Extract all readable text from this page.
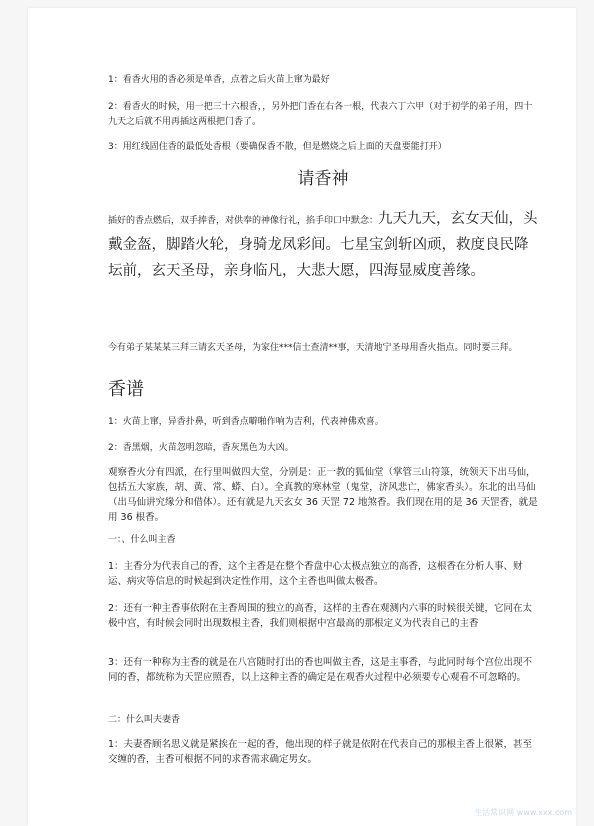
1：看香火用的香必须是单香，点着之后火苗上窜为最好

2：看香火的时候，用一把三十六根香，，另外把门香在右各一根，代表六丁六甲（对于初学的弟子用，四十九天之后就不用再插这两根把门香了。

3：用红线固住香的最低处香根（要确保香不散，但是燃烧之后上面的天盘要能打开）

请香神
插好的香点燃后，双手捧香，对供奉的神像行礼，掐手印口中默念：九天九天，玄女天仙，头戴金盔，脚踏火轮，身骑龙凤彩间。七星宝剑斩凶顽，救度良民降坛前，玄天圣母，亲身临凡，大悲大愿，四海显威度善缘。

今有弟子某某某三拜三请玄天圣母，为家住***信士查清**事，天清地宁圣母用香火指点。同时要三拜。

香谱

1：火苗上窜，异香扑鼻，听到香点噼啪作响为吉利，代表神佛欢喜。

2：香黑烟，火苗忽明忽暗，香灰黑色为大凶。

观察香火分有四派，在行里叫做四大堂，分别是：正一教的狐仙堂（掌管三山符箓，统领天下出马仙，包括五大家族，胡、黄、常、蟒、白）。全真教的寒林堂（鬼堂，济风悲亡，佛家香头）。东北的出马仙（出马仙讲究缘分和借体）。还有就是九天玄女 36 天罡 72 地煞香。我们现在用的是 36 天罡香，就是用 36 根香。

一：、什么叫主香

1：主香分为代表自己的香，这个主香是在整个香盘中心太极点独立的高香，这根香在分析人事、财运、病灾等信息的时候起到决定性作用，这个主香也叫做太极香。

2：还有一种主香事依附在主香周围的独立的高香，这样的主香在观测内六事的时候很关键，它同在太极中宫，有时候会同时出现数根主香，我们则根据中宫最高的那根定义为代表自己的主香

3：还有一种称为主香的就是在八宫随时打出的香也叫做主香，这是主事香，与此同时每个宫位出现不同的香，都统称为天罡应照香，以上这种主香的确定是在观香火过程中必须要专心观看不可忽略的。

二：什么叫夫妻香

1：夫妻香顾名思义就是紧挨在一起的香，他出现的样子就是依附在代表自己的那根主香上很紧，甚至交缠的香，主香可根据不同的求香需求确定男女。

生活常识网 www.xxx.com
